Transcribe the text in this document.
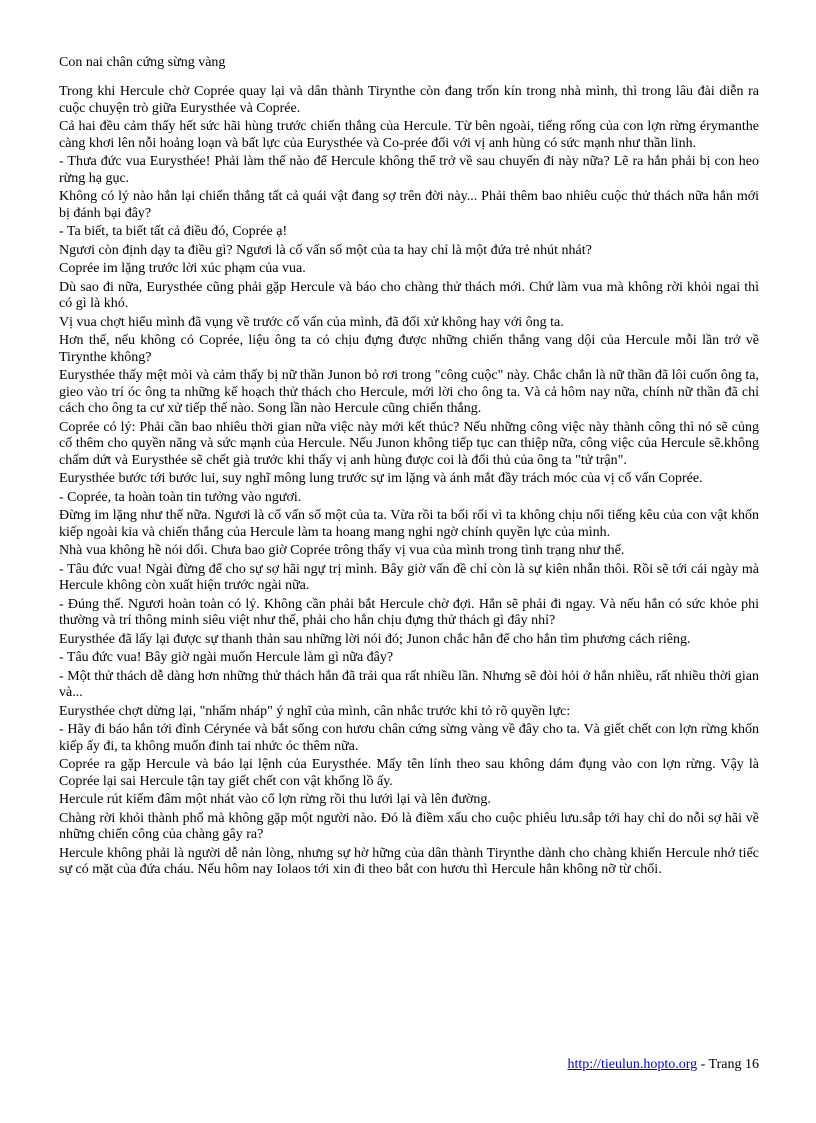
Con nai chân cứng sừng vàng

Trong khi Hercule chờ Coprée quay lại và dân thành Tirynthe còn đang trốn kín trong nhà mình, thì trong lâu đài diễn ra cuộc chuyện trò giữa Eurysthée và Coprée.

Cả hai đều cảm thấy hết sức hãi hùng trước chiến thắng của Hercule. Từ bên ngoài, tiếng rống của con lợn rừng érymanthe càng khơi lên nỗi hoảng loạn và bất lực của Eurysthée và Co-prée đối với vị anh hùng có sức mạnh như thần linh.

- Thưa đức vua Eurysthée! Phải làm thế nào để Hercule không thể trở về sau chuyến đi này nữa? Lẽ ra hắn phải bị con heo rừng hạ gục.

Không có lý nào hắn lại chiến thắng tất cả quái vật đang sợ trên đời này... Phải thêm bao nhiêu cuộc thử thách nữa hắn mới bị đánh bại đây?

- Ta biết, ta biết tất cả điều đó, Coprée ạ!

Ngươi còn định dạy ta điều gì? Ngươi là cố vấn số một của ta hay chỉ là một đứa trẻ nhút nhát?

Coprée im lặng trước lời xúc phạm của vua.

Dù sao đi nữa, Eurysthée cũng phải gặp Hercule và báo cho chàng thử thách mới. Chứ làm vua mà không rời khỏi ngai thì có gì là khó.

Vị vua chợt hiểu mình đã vụng về trước cố vấn của mình, đã đối xử không hay với ông ta.

Hơn thế, nếu không có Coprée, liệu ông ta có chịu đựng được những chiến thắng vang dội của Hercule mỗi lần trở về Tirynthe không?

Eurysthée thấy mệt mỏi và cảm thấy bị nữ thần Junon bỏ rơi trong "công cuộc" này. Chắc chắn là nữ thần đã lôi cuốn ông ta, gieo vào trí óc ông ta những kế hoạch thử thách cho Hercule, mới lời cho ông ta. Và cả hôm nay nữa, chính nữ thần đã chỉ cách cho ông ta cư xử tiếp thế nào. Song lần nào Hercule cũng chiến thắng.

Coprée có lý: Phải cần bao nhiêu thời gian nữa việc này mới kết thúc? Nếu những công việc này thành công thì nó sẽ củng cố thêm cho quyền năng và sức mạnh của Hercule. Nếu Junon không tiếp tục can thiệp nữa, công việc của Hercule sẽ.không chấm dứt và Eurysthée sẽ chết già trước khi thấy vị anh hùng được coi là đối thủ của ông ta "tử trận".

Eurysthée bước tới bước lui, suy nghĩ mông lung trước sự im lặng và ánh mắt đầy trách móc của vị cố vấn Coprée.

- Coprée, ta hoàn toàn tin tưởng vào ngươi.

Đừng im lặng như thế nữa. Ngươi là cố vấn số một của ta. Vừa rồi ta bối rối vì ta không chịu nổi tiếng kêu của con vật khốn kiếp ngoài kia và chiến thắng của Hercule làm ta hoang mang nghi ngờ chính quyền lực của mình.

Nhà vua không hề nói dối. Chưa bao giờ Coprée trông thấy vị vua của mình trong tình trạng như thế.

- Tâu đức vua! Ngài đừng để cho sự sợ hãi ngự trị mình. Bây giờ vấn đề chỉ còn là sự kiên nhẫn thôi. Rồi sẽ tới cái ngày mà Hercule không còn xuất hiện trước ngài nữa.

- Đúng thế. Ngươi hoàn toàn có lý. Không cần phải bắt Hercule chờ đợi. Hắn sẽ phải đi ngay. Và nếu hắn có sức khỏe phi thường và trí thông minh siêu việt như thế, phải cho hắn chịu đựng thử thách gì đây nhỉ?

Eurysthée đã lấy lại được sự thanh thản sau những lời nói đó; Junon chắc hẳn để cho hắn tìm phương cách riêng.

- Tâu đức vua! Bây giờ ngài muốn Hercule làm gì nữa đây?

- Một thử thách dễ dàng hơn những thử thách hắn đã trải qua rất nhiều lần. Nhưng sẽ đòi hỏi ở hắn nhiều, rất nhiều thời gian và...

Eurysthée chợt dừng lại, "nhấm nháp" ý nghĩ của mình, cân nhắc trước khi tỏ rõ quyền lực:

- Hãy đi báo hắn tới đỉnh Cérynée và bắt sống con hươu chân cứng sừng vàng về đây cho ta. Và giết chết con lợn rừng khốn kiếp ấy đi, ta không muốn đinh tai nhức óc thêm nữa.

Coprée ra gặp Hercule và báo lại lệnh của Eurysthée. Mấy tên lính theo sau không dám đụng vào con lợn rừng. Vậy là Coprée lại sai Hercule tận tay giết chết con vật khổng lồ ấy.

Hercule rút kiếm đâm một nhát vào cổ lợn rừng rồi thu lưới lại và lên đường.

Chàng rời khỏi thành phố mà không gặp một người nào. Đó là điềm xấu cho cuộc phiêu lưu.sắp tới hay chỉ do nỗi sợ hãi về những chiến công của chàng gây ra?

Hercule không phải là người dễ nản lòng, nhưng sự hờ hững của dân thành Tirynthe dành cho chàng khiến Hercule nhớ tiếc sự có mặt của đứa cháu. Nếu hôm nay Iolaos tới xin đi theo bắt con hươu thì Hercule hẳn không nỡ từ chối.

http://tieulun.hopto.org - Trang 16
